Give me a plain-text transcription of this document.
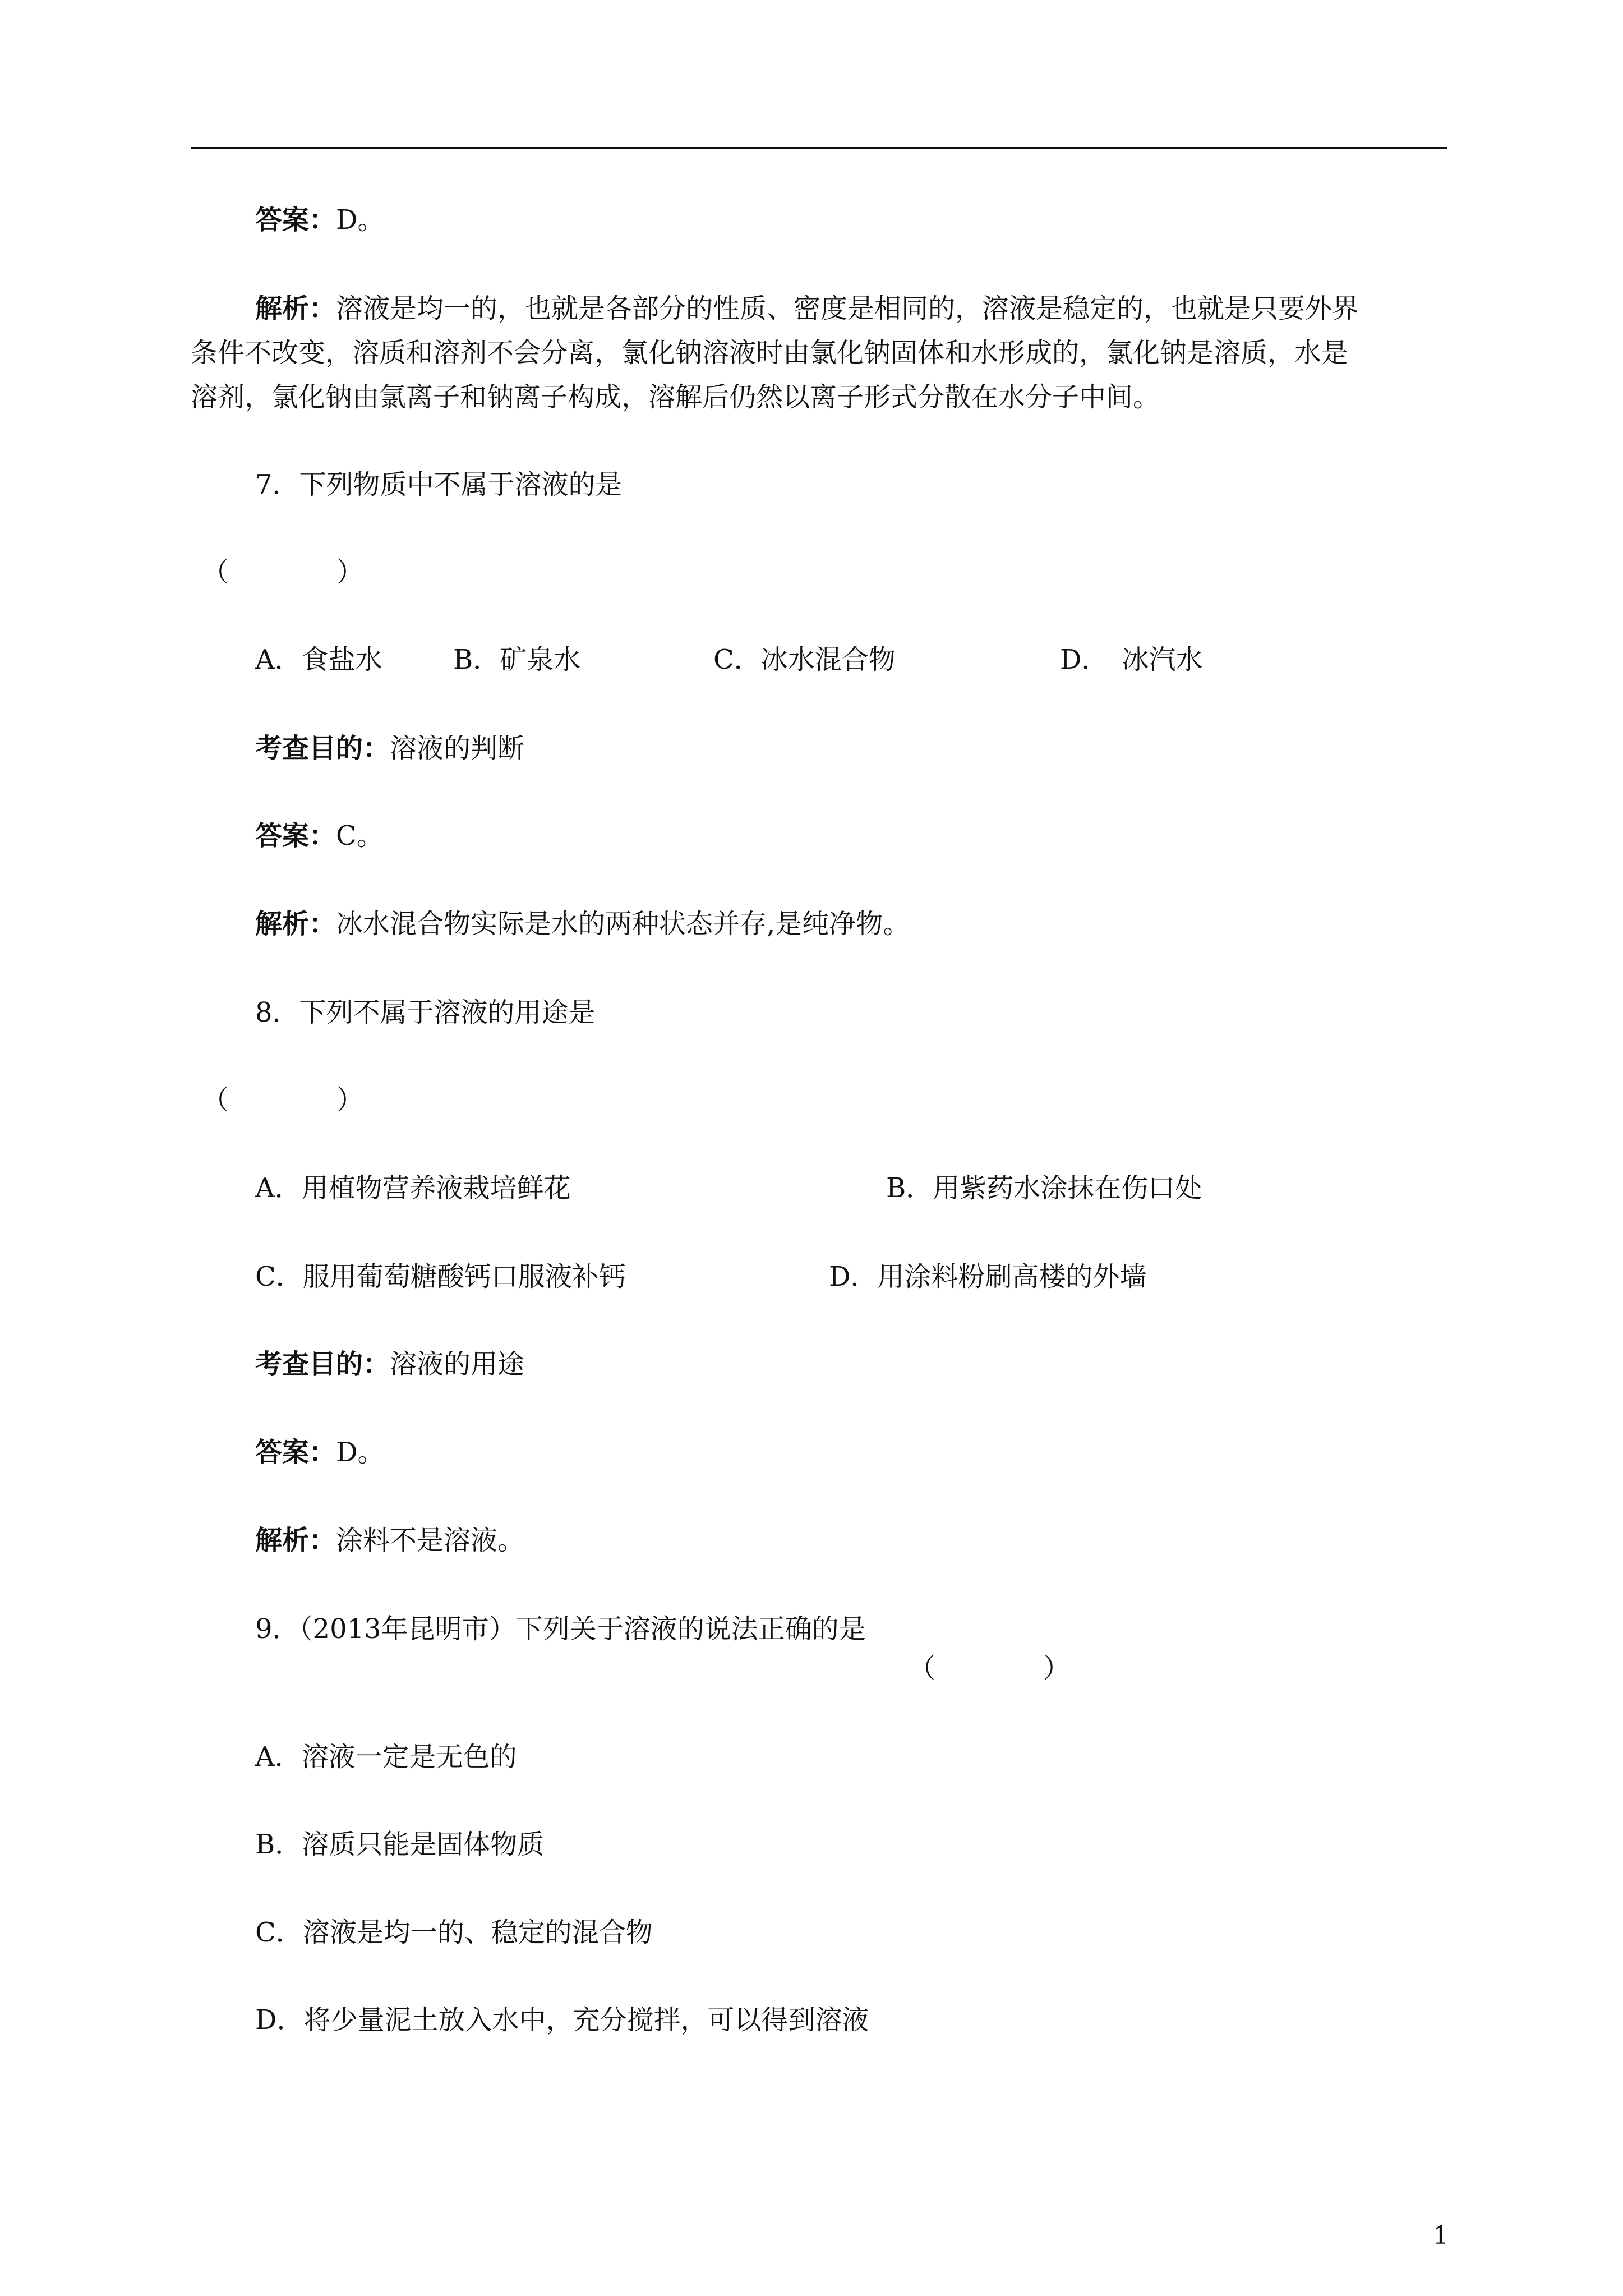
答案：D。
解析：溶液是均一的，也就是各部分的性质、密度是相同的，溶液是稳定的，也就是只要外界
条件不改变，溶质和溶剂不会分离，氯化钠溶液时由氯化钠固体和水形成的，氯化钠是溶质，水是
溶剂，氯化钠由氯离子和钠离子构成，溶解后仍然以离子形式分散在水分子中间。
7．下列物质中不属于溶液的是
（　　　　）
A．食盐水	B．矿泉水	C．冰水混合物	D．　冰汽水
考查目的：溶液的判断
答案：C。
解析：冰水混合物实际是水的两种状态并存,是纯净物。
8．下列不属于溶液的用途是
（　　　　）
A．用植物营养液栽培鲜花	B．用紫药水涂抹在伤口处
C．服用葡萄糖酸钙口服液补钙	D．用涂料粉刷高楼的外墙
考查目的：溶液的用途
答案：D。
解析：涂料不是溶液。
9．（2013年昆明市）下列关于溶液的说法正确的是
（　　　　）
A．溶液一定是无色的
B．溶质只能是固体物质
C．溶液是均一的、稳定的混合物
D．将少量泥土放入水中，充分搅拌，可以得到溶液
1
